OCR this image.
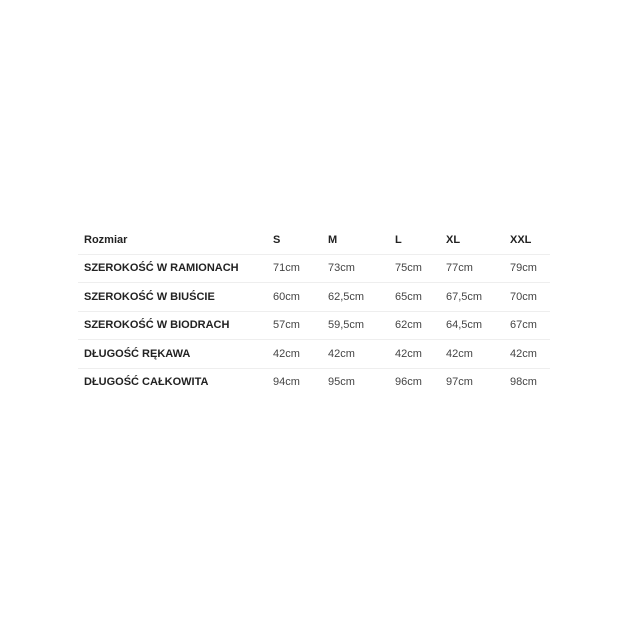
Rozmiar	S	M	L	XL	XXL
SZEROKOŚĆ W RAMIONACH	71cm	73cm	75cm	77cm	79cm
SZEROKOŚĆ W BIUŚCIE	60cm	62,5cm	65cm	67,5cm	70cm
SZEROKOŚĆ W BIODRACH	57cm	59,5cm	62cm	64,5cm	67cm
DŁUGOŚĆ RĘKAWA	42cm	42cm	42cm	42cm	42cm
DŁUGOŚĆ CAŁKOWITA	94cm	95cm	96cm	97cm	98cm
